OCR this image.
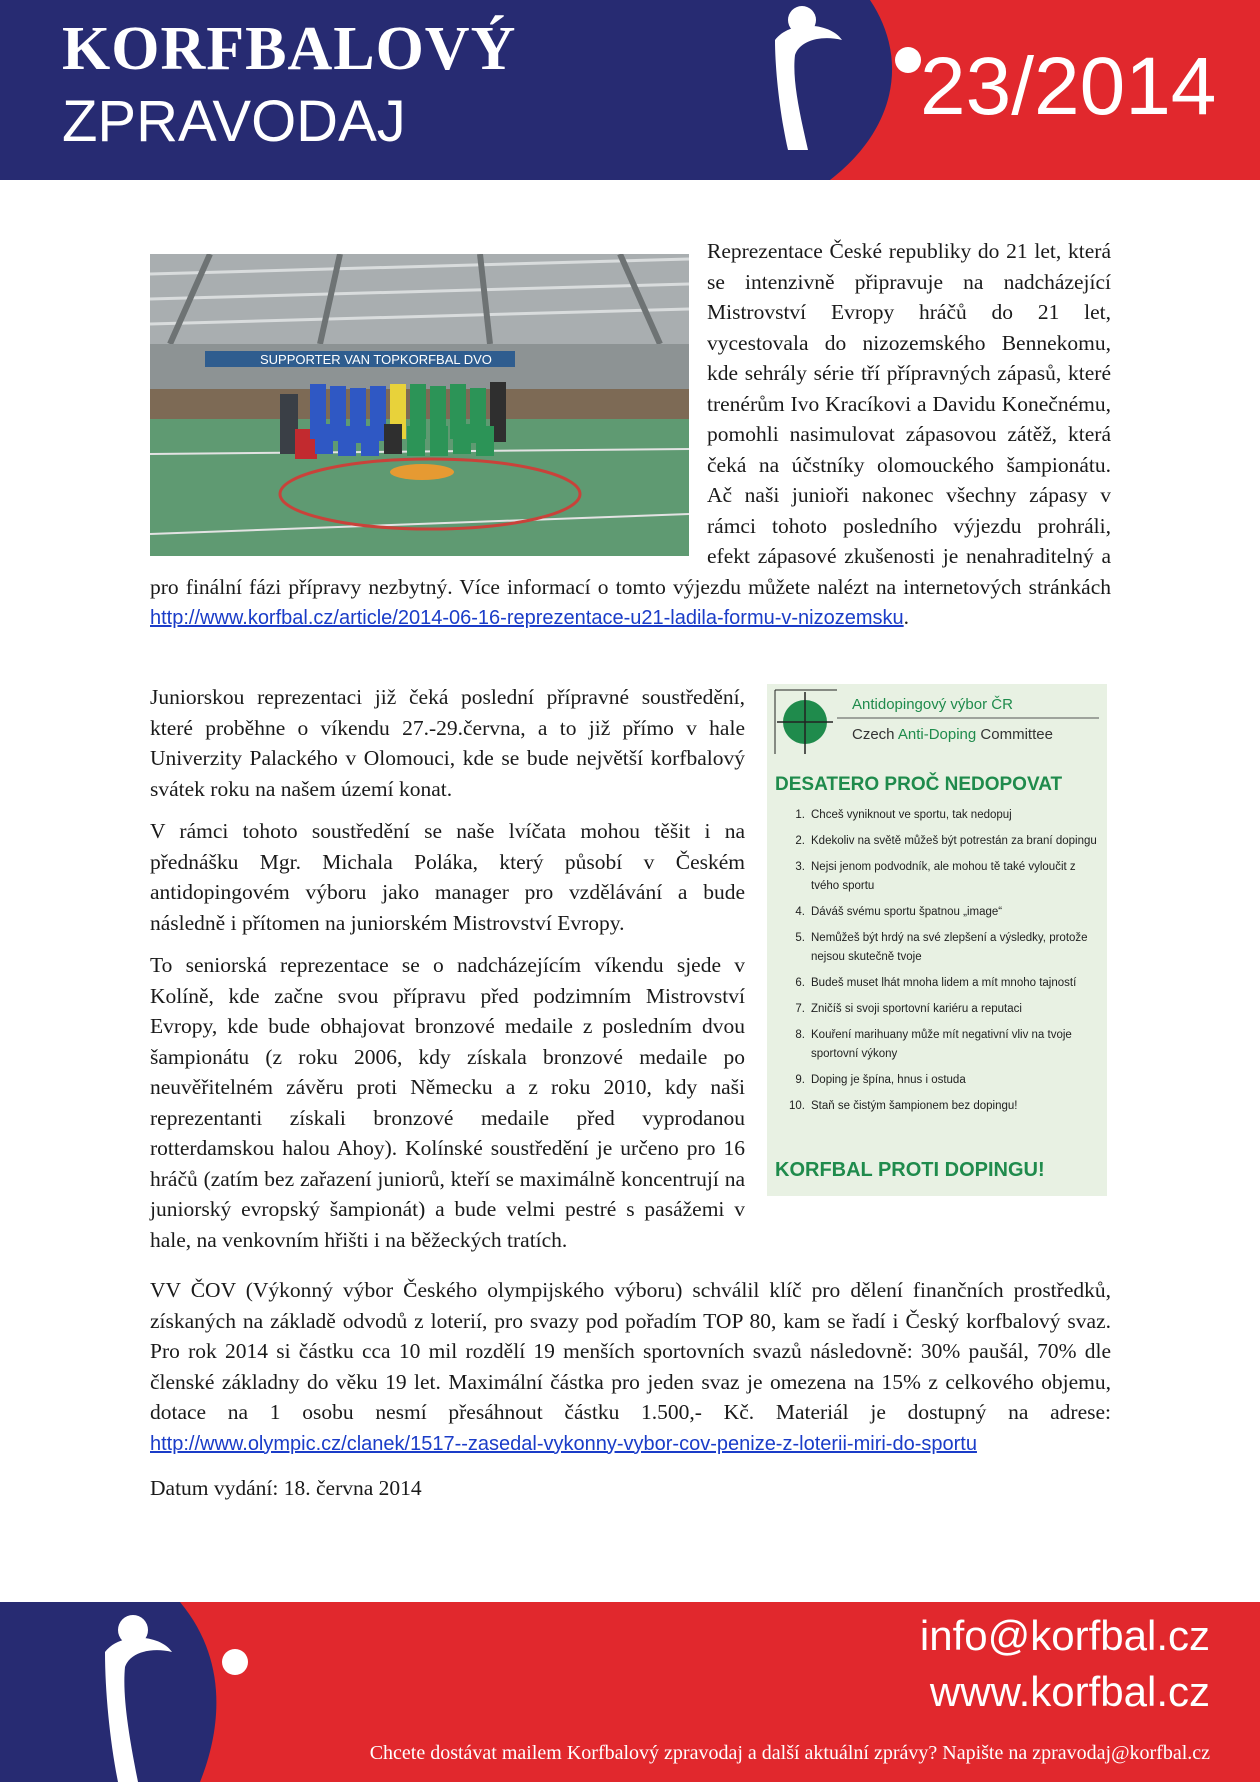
KORFBALOVÝ
ZPRAVODAJ	23/2014
SUPPORTER VAN TOPKORFBAL DVO

Reprezentace České republiky do 21 let, která se intenzivně připravuje na nadcházející Mistrovství Evropy hráčů do 21 let, vycestovala do nizozemského Bennekomu, kde sehrály série tří přípravných zápasů, které trenérům Ivo Kracíkovi a Davidu Konečnému, pomohli nasimulovat zápasovou zátěž, která čeká na účstníky olomouckého šampionátu. Ač naši junioři nakonec všechny zápasy v rámci tohoto posledního výjezdu prohráli, efekt zápasové zkušenosti je nenahraditelný a pro finální fázi přípravy nezbytný. Více informací o tomto výjezdu můžete nalézt na internetových stránkách http://www.korfbal.cz/article/2014-06-16-reprezentace-u21-ladila-formu-v-nizozemsku.

Antidopingový výbor ČR
Czech Anti-Doping Committee
DESATERO PROČ NEDOPOVAT
1. Chceš vyniknout ve sportu, tak nedopuj
2. Kdekoliv na světě můžeš být potrestán za braní dopingu
3. Nejsi jenom podvodník, ale mohou tě také vyloučit z tvého sportu
4. Dáváš svému sportu špatnou „image“
5. Nemůžeš být hrdý na své zlepšení a výsledky, protože nejsou skutečně tvoje
6. Budeš muset lhát mnoha lidem a mít mnoho tajností
7. Zničíš si svoji sportovní kariéru a reputaci
8. Kouření marihuany může mít negativní vliv na tvoje sportovní výkony
9. Doping je špína, hnus i ostuda
10. Staň se čistým šampionem bez dopingu!
KORFBAL PROTI DOPINGU!

Juniorskou reprezentaci již čeká poslední přípravné soustředění, které proběhne o víkendu 27.-29.června, a to již přímo v hale Univerzity Palackého v Olomouci, kde se bude největší korfbalový svátek roku na našem území konat.

V rámci tohoto soustředění se naše lvíčata mohou těšit i na přednášku Mgr. Michala Poláka, který působí v Českém antidopingovém výboru jako manager pro vzdělávání a bude následně i přítomen na juniorském Mistrovství Evropy.

To seniorská reprezentace se o nadcházejícím víkendu sjede v Kolíně, kde začne svou přípravu před podzimním Mistrovství Evropy, kde bude obhajovat bronzové medaile z posledním dvou šampionátu (z roku 2006, kdy získala bronzové medaile po neuvěřitelném závěru proti Německu a z roku 2010, kdy naši reprezentanti získali bronzové medaile před vyprodanou rotterdamskou halou Ahoy). Kolínské soustředění je určeno pro 16 hráčů (zatím bez zařazení juniorů, kteří se maximálně koncentrují na juniorský evropský šampionát) a bude velmi pestré s pasážemi v hale, na venkovním hřišti i na běžeckých tratích.

VV ČOV (Výkonný výbor Českého olympijského výboru) schválil klíč pro dělení finančních prostředků, získaných na základě odvodů z loterií, pro svazy pod pořadím TOP 80, kam se řadí i Český korfbalový svaz. Pro rok 2014 si částku cca 10 mil rozdělí 19 menších sportovních svazů následovně: 30% paušál, 70% dle členské základny do věku 19 let. Maximální částka pro jeden svaz je omezena na 15% z celkového objemu, dotace na 1 osobu nesmí přesáhnout částku 1.500,- Kč. Materiál je dostupný na adrese: http://www.olympic.cz/clanek/1517--zasedal-vykonny-vybor-cov-penize-z-loterii-miri-do-sportu

Datum vydání: 18. června 2014

info@korfbal.cz
www.korfbal.cz
Chcete dostávat mailem Korfbalový zpravodaj a další aktuální zprávy? Napište na zpravodaj@korfbal.cz
